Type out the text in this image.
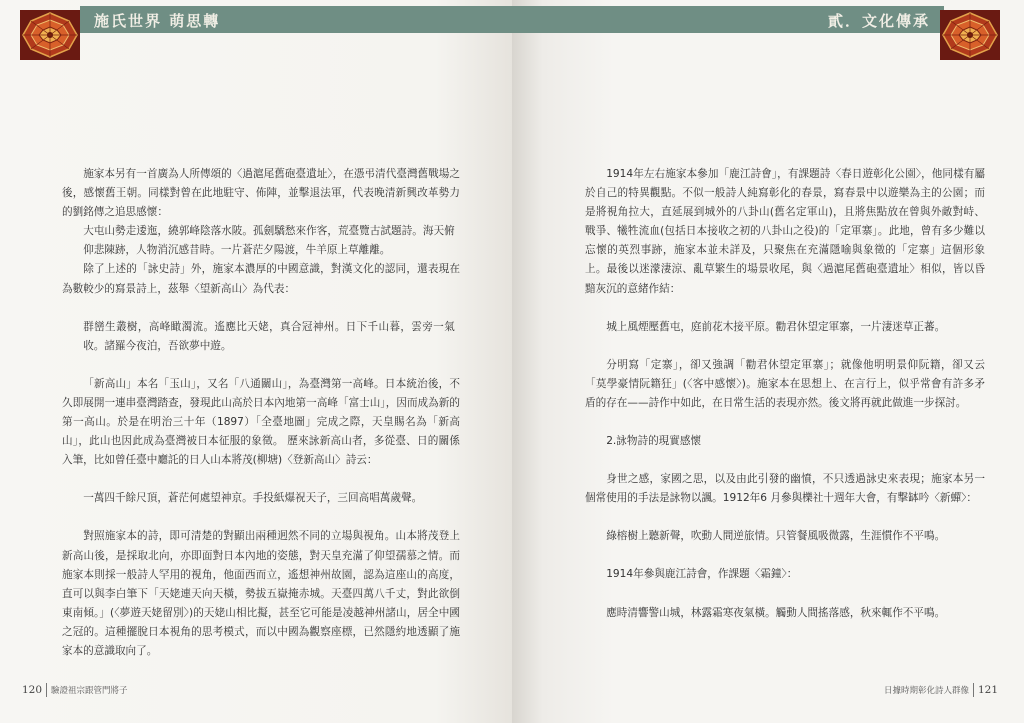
施氏世界 萌思轉

施家本另有一首廣為人所傳頌的〈過滬尾舊砲臺遺址〉，在憑弔清代臺灣舊戰場之後，感懷舊王朝。同樣對曾在此地駐守、佈陣，並擊退法軍，代表晚清新興改革勢力的劉銘傳之追思感懷：

大屯山勢走逶迤，繞郭峰陰落水陂。孤劍驕愁來作客，荒臺覽古試題詩。海天俯仰悲陳跡，人物消沉感昔時。一片蒼茫夕陽渡，牛羊原上草離離。

除了上述的「詠史詩」外，施家本濃厚的中國意識，對漢文化的認同，還表現在為數較少的寫景詩上，茲舉〈望新高山〉為代表：

群巒生叢樹，高峰瞰濁流。遙應比天姥，真合冠神州。日下千山暮，雲旁一氣收。諸羅今夜泊，吾欲夢中遊。

「新高山」本名「玉山」，又名「八通關山」，為臺灣第一高峰。日本統治後，不久即展開一連串臺灣踏查，發現此山高於日本內地第一高峰「富士山」，因而成為新的第一高山。於是在明治三十年（1897）「全臺地圖」完成之際，天皇賜名為「新高山」，此山也因此成為臺灣被日本征服的象徵。 歷來詠新高山者，多從臺、日的關係入筆，比如曾任臺中廳託的日人山本將茂(柳塘)〈登新高山〉詩云：

一萬四千餘尺頂，蒼茫何處望神京。手投紙爆祝天子，三回高唱萬歲聲。

對照施家本的詩，即可清楚的對顯出兩種迥然不同的立場與視角。山本將茂登上新高山後，是採取北向，亦即面對日本內地的姿態，對天皇充滿了仰望孺慕之情。而施家本則採一般詩人罕用的視角，他面西而立，遙想神州故園，認為這座山的高度，直可以與李白筆下「天姥連天向天橫，勢拔五嶽掩赤城。天臺四萬八千丈，對此欲倒東南傾。」(〈夢遊天姥留別〉)的天姥山相比擬，甚至它可能是凌越神州諸山，居全中國之冠的。這種擺脫日本視角的思考模式，而以中國為觀察座標，已然隱約地透顯了施家本的意識取向了。

120 驗證祖宗跟管門將子
貳．文化傳承

1914年左右施家本參加「鹿江詩會」，有課題詩〈春日遊彰化公園〉，他同樣有屬於自己的特異觀點。不似一般詩人純寫彰化的春景，寫春景中以遊樂為主的公園；而是將視角拉大，直延展到城外的八卦山(舊名定軍山)，且將焦點放在曾與外敵對峙、戰爭、犧牲流血(包括日本接收之初的八卦山之役)的「定軍寨」。此地，曾有多少難以忘懷的英烈事跡，施家本並未詳及，只聚焦在充滿隱喻與象徵的「定寨」這個形象上。最後以迷濛淒涼、亂草繁生的場景收尾，與〈過滬尾舊砲臺遺址〉相似，皆以昏黯灰沉的意緒作結：

城上風煙壓舊屯，庭前花木接平原。勸君休望定軍寨，一片淒迷草正蕃。

分明寫「定寨」，卻又強調「勸君休望定軍寨」；就像他明明景仰阮籍，卻又云「莫學豪情阮籍狂」(〈客中感懷〉)。施家本在思想上、在言行上，似乎常會有許多矛盾的存在——詩作中如此，在日常生活的表現亦然。後文將再就此做進一步探討。

2.詠物詩的現實感懷

身世之感，家國之思，以及由此引發的幽憤，不只透過詠史來表現；施家本另一個常使用的手法是詠物以諷。1912年6 月參與櫟社十週年大會，有擊缽吟〈新蟬〉：

綠榕樹上聽新聲，吹動人間逆旅情。只管餐風吸微露，生涯慣作不平鳴。

1914年參與鹿江詩會，作課題〈霜鐘〉：

應時清響警山城，林露霜寒夜氣橫。觸動人間搖落感，秋來輒作不平鳴。

日據時期彰化詩人群像 121
